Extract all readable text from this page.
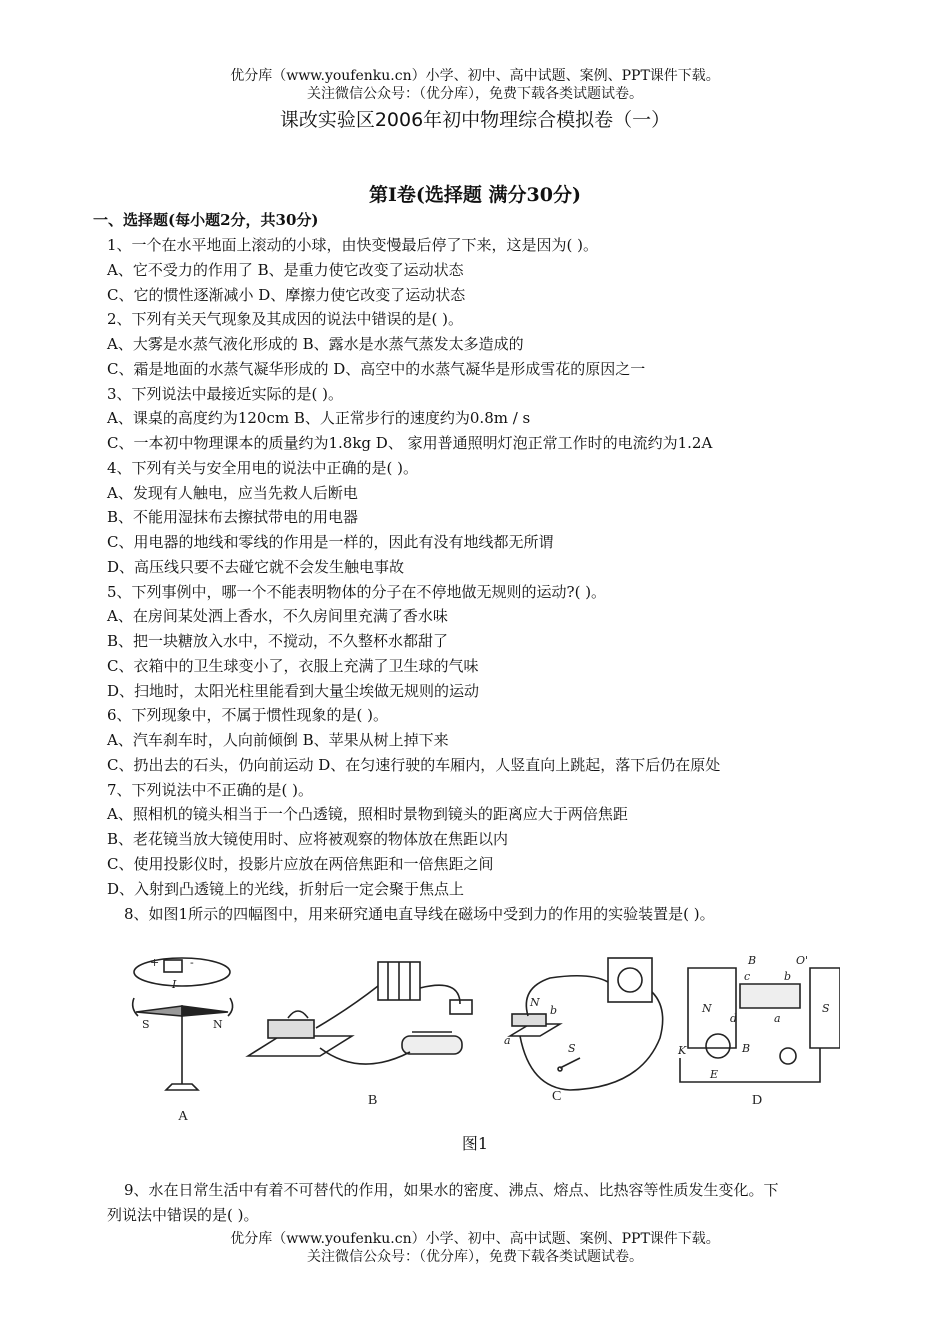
优分库（www.youfenku.cn）小学、初中、高中试题、案例、PPT课件下载。
关注微信公众号：（优分库），免费下载各类试题试卷。
课改实验区2006年初中物理综合模拟卷（一）
第I卷(选择题 满分30分)
一、选择题(每小题2分，共30分)
1、一个在水平地面上滚动的小球，由快变慢最后停了下来，这是因为( )。
A、它不受力的作用了 B、是重力使它改变了运动状态
C、它的惯性逐渐减小 D、摩擦力使它改变了运动状态
2、下列有关天气现象及其成因的说法中错误的是( )。
A、大雾是水蒸气液化形成的 B、露水是水蒸气蒸发太多造成的
C、霜是地面的水蒸气凝华形成的 D、高空中的水蒸气凝华是形成雪花的原因之一
3、下列说法中最接近实际的是( )。
A、课桌的高度约为120cm B、人正常步行的速度约为0.8m / s
C、一本初中物理课本的质量约为1.8kg D、 家用普通照明灯泡正常工作时的电流约为1.2A
4、下列有关与安全用电的说法中正确的是( )。
A、发现有人触电，应当先救人后断电
B、不能用湿抹布去擦拭带电的用电器
C、用电器的地线和零线的作用是一样的，因此有没有地线都无所谓
D、高压线只要不去碰它就不会发生触电事故
5、下列事例中，哪一个不能表明物体的分子在不停地做无规则的运动?( )。
A、在房间某处洒上香水，不久房间里充满了香水味
B、把一块糖放入水中，不搅动，不久整杯水都甜了
C、衣箱中的卫生球变小了，衣服上充满了卫生球的气味
D、扫地时，太阳光柱里能看到大量尘埃做无规则的运动
6、下列现象中，不属于惯性现象的是( )。
A、汽车刹车时，人向前倾倒 B、苹果从树上掉下来
C、扔出去的石头，仍向前运动 D、在匀速行驶的车厢内，人竖直向上跳起，落下后仍在原处
7、下列说法中不正确的是( )。
A、照相机的镜头相当于一个凸透镜，照相时景物到镜头的距离应大于两倍焦距
B、老花镜当放大镜使用时、应将被观察的物体放在焦距以内
C、使用投影仪时，投影片应放在两倍焦距和一倍焦距之间
D、入射到凸透镜上的光线，折射后一定会聚于焦点上
8、如图1所示的四幅图中，用来研究通电直导线在磁场中受到力的作用的实验装置是( )。
S	N
I
+	-
N
a
b
S
B	O'
N	S
c	b
a
d
K
E
B
A
B	C	D
图1
9、水在日常生活中有着不可替代的作用，如果水的密度、沸点、熔点、比热容等性质发生变化。下
列说法中错误的是( )。
优分库（www.youfenku.cn）小学、初中、高中试题、案例、PPT课件下载。
关注微信公众号：（优分库），免费下载各类试题试卷。
